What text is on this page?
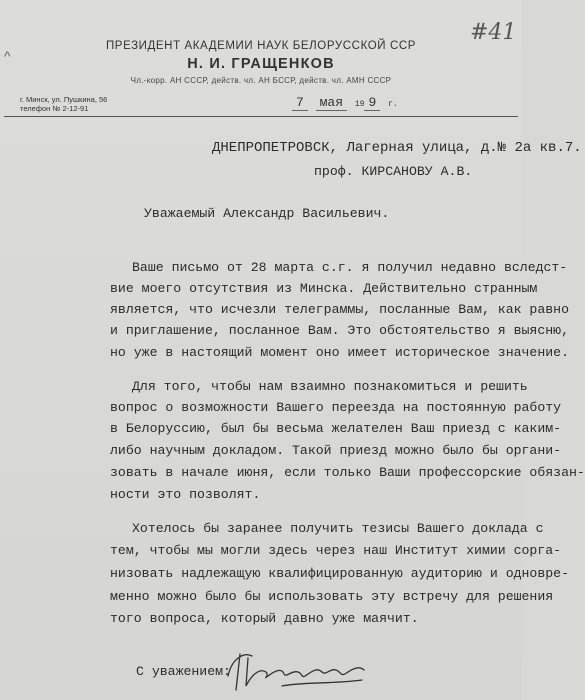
^
#41
ПРЕЗИДЕНТ АКАДЕМИИ НАУК БЕЛОРУССКОЙ ССР
Н. И. ГРАЩЕНКОВ
Чл.-корр. АН СССР, действ. чл. АН БССР, действ. чл. АМН СССР
г. Минск, ул. Пушкина, 56
телефон № 2-12-91	7 мая 19 9 г.
ДНЕПРОПЕТРОВСК, Лагерная улица, д.№ 2а кв.7.
проф. КИРСАНОВУ А.В.
Уважаемый Александр Васильевич.
Ваше письмо от 28 марта с.г. я получил недавно вследст-
вие моего отсутствия из Минска. Действительно странным
является, что исчезли телеграммы, посланные Вам, как равно
и приглашение, посланное Вам. Это обстоятельство я выясню,
но уже в настоящий момент оно имеет историческое значение.
Для того, чтобы нам взаимно познакомиться и решить
вопрос о возможности Вашего переезда на постоянную работу
в Белоруссию, был бы весьма желателен Ваш приезд с каким-
либо научным докладом. Такой приезд можно было бы органи-
зовать в начале июня, если только Ваши профессорские обязан-
ности это позволят.
Хотелось бы заранее получить тезисы Вашего доклада с
тем, чтобы мы могли здесь через наш Институт химии сорга-
низовать надлежащую квалифицированную аудиторию и одновре-
менно можно было бы использовать эту встречу для решения
того вопроса, который давно уже маячит.
С уважением:
